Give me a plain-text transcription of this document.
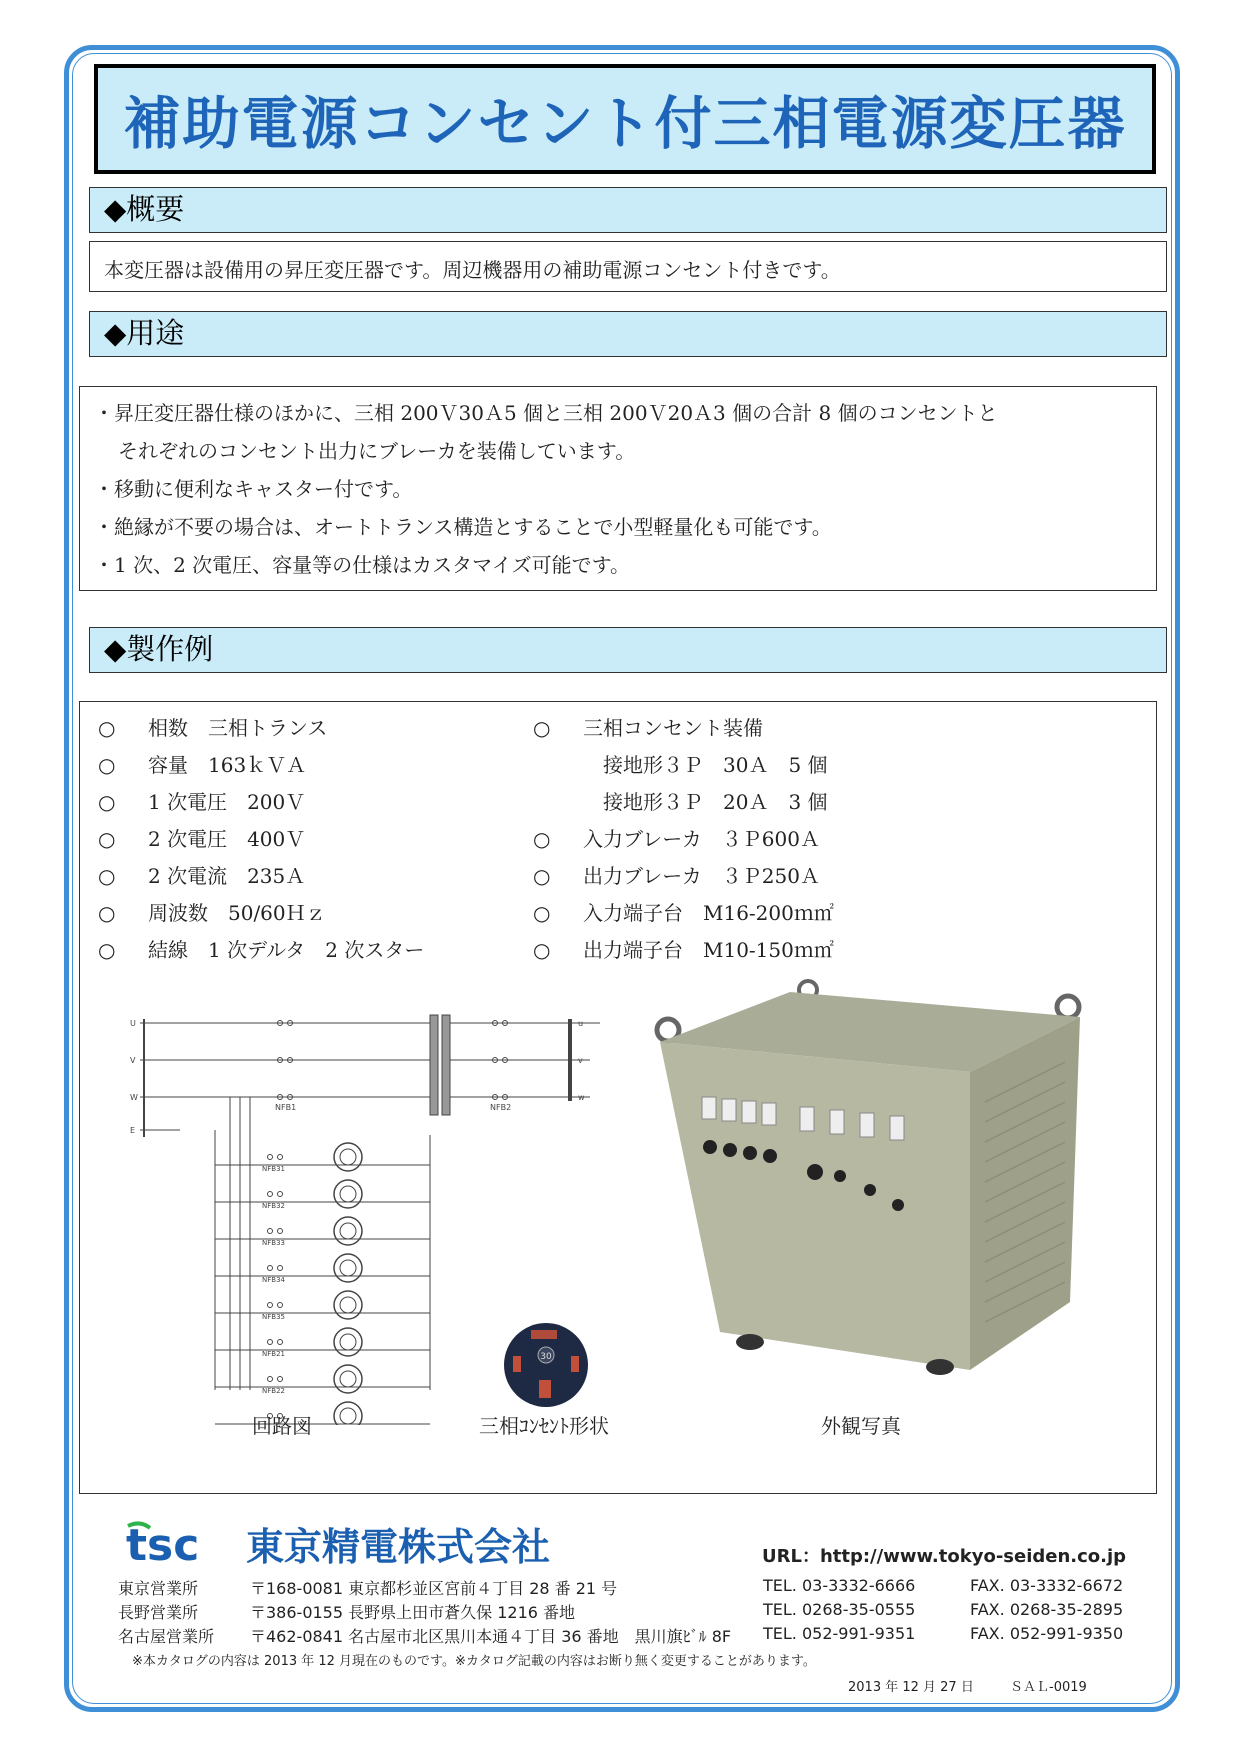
補助電源コンセント付三相電源変圧器
◆概要
本変圧器は設備用の昇圧変圧器です。周辺機器用の補助電源コンセント付きです。
◆用途
・昇圧変圧器仕様のほかに、三相 200Ｖ30Ａ5 個と三相 200Ｖ20Ａ3 個の合計 8 個のコンセントと
それぞれのコンセント出力にブレーカを装備しています。
・移動に便利なキャスター付です。
・絶縁が不要の場合は、オートトランス構造とすることで小型軽量化も可能です。
・1 次、2 次電圧、容量等の仕様はカスタマイズ可能です。
◆製作例
○　 相数　三相トランス
○　 容量　163ｋＶＡ
○　 1 次電圧　200Ｖ
○　 2 次電圧　400Ｖ
○　 2 次電流　235Ａ
○　 周波数　50/60Ｈｚ
○　 結線　1 次デルタ　2 次スター
○　 三相コンセント装備
　　接地形３Ｐ　30Ａ　5 個
　　接地形３Ｐ　20Ａ　3 個
○　 入力ブレーカ　３Ｐ600Ａ
○　 出力ブレーカ　３Ｐ250Ａ
○　 入力端子台　M16-200ｍ㎡
○　 出力端子台　M10-150ｍ㎡
NFB31
NFB32
NFB33
NFB34
NFB35
NFB21
NFB22
U
V
W
E
u
v
w
NFB1	NFB2
30
回路図	三相ｺﾝｾﾝﾄ形状	外観写真
tsc 東京精電株式会社	URL：http://www.tokyo-seiden.co.jp
東京営業所	〒168-0081 東京都杉並区宮前４丁目 28 番 21 号	TEL. 03-3332-6666	FAX. 03-3332-6672
長野営業所	〒386-0155 長野県上田市蒼久保 1216 番地	TEL. 0268-35-0555	FAX. 0268-35-2895
名古屋営業所 〒462-0841 名古屋市北区黒川本通４丁目 36 番地　黒川旗ﾋﾞﾙ 8F TEL. 052-991-9351	FAX. 052-991-9350
※本カタログの内容は 2013 年 12 月現在のものです。※カタログ記載の内容はお断り無く変更することがあります。
2013 年 12 月 27 日	ＳＡＬ-0019
